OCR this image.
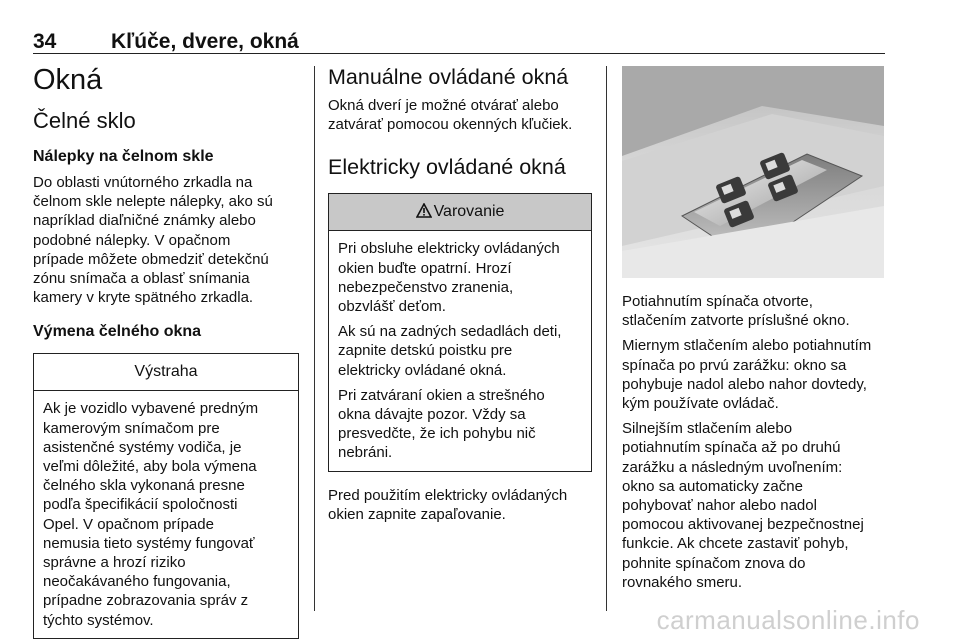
34	Kľúče, dvere, okná
Okná
Čelné sklo
Nálepky na čelnom skle

Do oblasti vnútorného zrkadla na
čelnom skle nelepte nálepky, ako sú
napríklad diaľničné známky alebo
podobné nálepky. V opačnom
prípade môžete obmedziť detekčnú
zónu snímača a oblasť snímania
kamery v kryte spätného zrkadla.

Výmena čelného okna
Výstraha

Ak je vozidlo vybavené predným
kamerovým snímačom pre
asistenčné systémy vodiča, je
veľmi dôležité, aby bola výmena
čelného skla vykonaná presne
podľa špecifikácií spoločnosti
Opel. V opačnom prípade
nemusia tieto systémy fungovať
správne a hrozí riziko
neočakávaného fungovania,
prípadne zobrazovania správ z
týchto systémov.

Manuálne ovládané okná

Okná dverí je možné otvárať alebo
zatvárať pomocou okenných kľučiek.

Elektricky ovládané okná
Varovanie

Pri obsluhe elektricky ovládaných
okien buďte opatrní. Hrozí
nebezpečenstvo zranenia,
obzvlášť deťom.

Ak sú na zadných sedadlách deti,
zapnite detskú poistku pre
elektricky ovládané okná.

Pri zatváraní okien a strešného
okna dávajte pozor. Vždy sa
presvedčte, že ich pohybu nič
nebráni.

Pred použitím elektricky ovládaných
okien zapnite zapaľovanie.

Potiahnutím spínača otvorte,
stlačením zatvorte príslušné okno.

Miernym stlačením alebo potiahnutím
spínača po prvú zarážku: okno sa
pohybuje nadol alebo nahor dovtedy,
kým používate ovládač.

Silnejším stlačením alebo
potiahnutím spínača až po druhú
zarážku a následným uvoľnením:
okno sa automaticky začne
pohybovať nahor alebo nadol
pomocou aktivovanej bezpečnostnej
funkcie. Ak chcete zastaviť pohyb,
pohnite spínačom znova do
rovnakého smeru.

carmanualsonline.info
